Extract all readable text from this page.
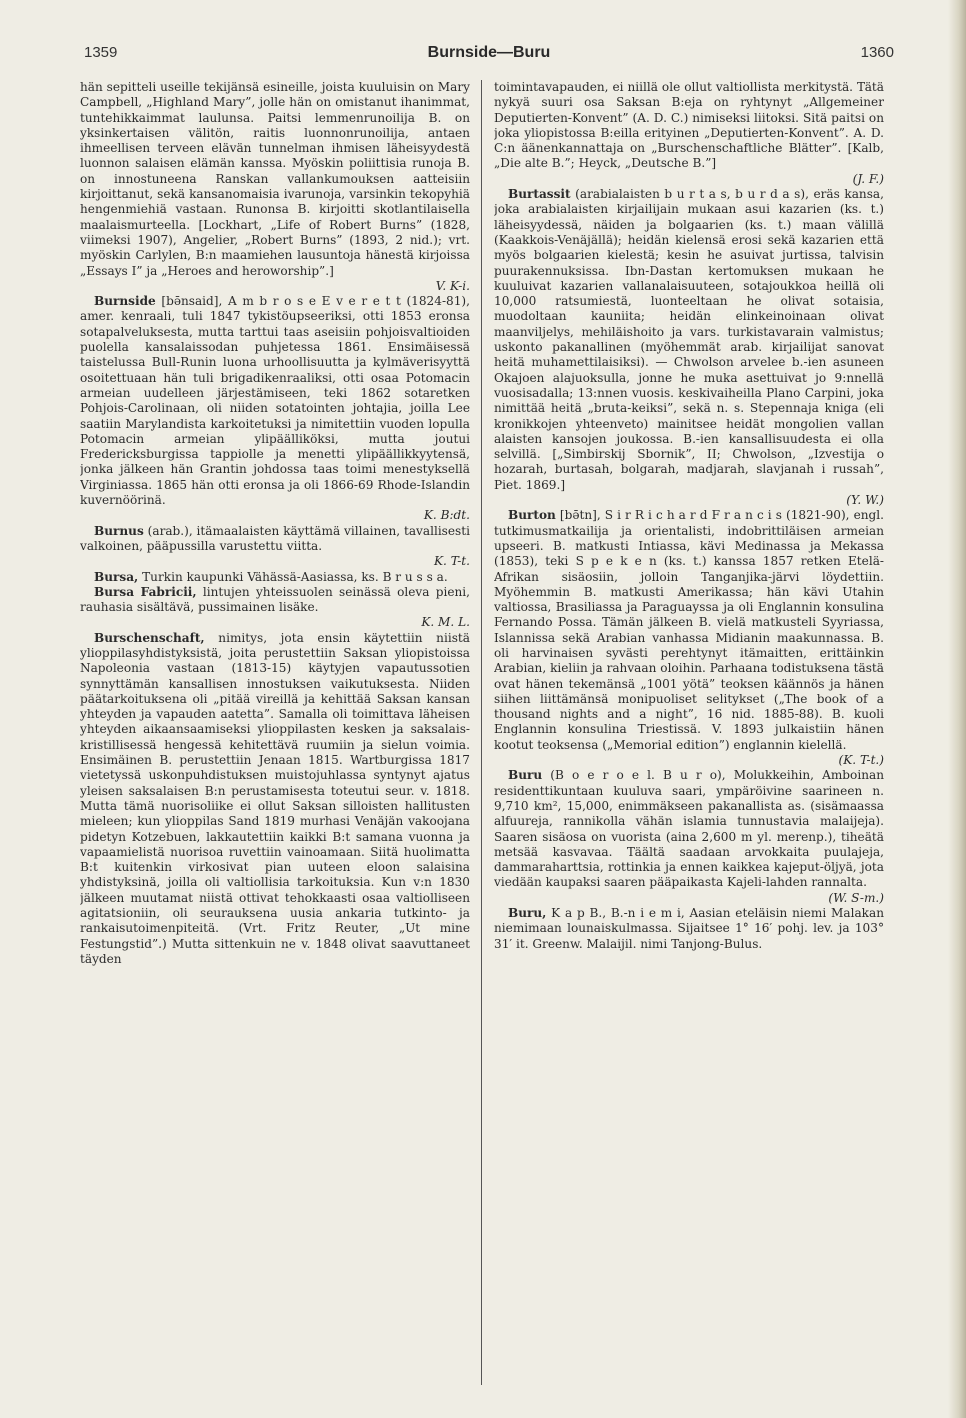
1359	Burnside—Buru	1360

hän sepitteli useille tekijänsä esineille, joista kuuluisin on Mary Campbell, „Highland Mary”, jolle hän on omistanut ihanimmat, tuntehikkaimmat laulunsa. Paitsi lemmenrunoilija B. on yksinkertaisen välitön, raitis luonnonrunoilija, antaen ihmeellisen terveen elävän tunnelman ihmisen läheisyydestä luonnon salaisen elämän kanssa. Myöskin poliittisia runoja B. on innostuneena Ranskan vallankumouksen aatteisiin kirjoittanut, sekä kansanomaisia ivarunoja, varsinkin tekopyhiä hengenmiehiä vastaan. Runonsa B. kirjoitti skotlantilaisella maalaismurteella. [Lockhart, „Life of Robert Burns” (1828, viimeksi 1907), Angelier, „Robert Burns” (1893, 2 nid.); vrt. myöskin Carlylen, B:n maamiehen lausuntoja hänestä kirjoissa „Essays I” ja „Heroes and heroworship”.]
V. K-i.

Burnside [bə̄nsaid], A m b r o s e E v e r e t t (1824-81), amer. kenraali, tuli 1847 tykistöupseeriksi, otti 1853 eronsa sotapalveluksesta, mutta tarttui taas aseisiin pohjoisvaltioiden puolella kansalaissodan puhjetessa 1861. Ensimäisessä taistelussa Bull-Runin luona urhoollisuutta ja kylmäverisyyttä osoitettuaan hän tuli brigadikenraaliksi, otti osaa Potomacin armeian uudelleen järjestämiseen, teki 1862 sotaretken Pohjois-Carolinaan, oli niiden sotatointen johtajia, joilla Lee saatiin Marylandista karkoitetuksi ja nimitettiin vuoden lopulla Potomacin armeian ylipäälliköksi, mutta joutui Fredericksburgissa tappiolle ja menetti ylipäällikkyytensä, jonka jälkeen hän Grantin johdossa taas toimi menestyksellä Virginiassa. 1865 hän otti eronsa ja oli 1866-69 Rhode-Islandin kuvernöörinä.
K. B:dt.

Burnus (arab.), itämaalaisten käyttämä villainen, tavallisesti valkoinen, pääpussilla varustettu viitta.
K. T-t.

Bursa, Turkin kaupunki Vähässä-Aasiassa, ks. B r u s s a.

Bursa Fabricii, lintujen yhteissuolen seinässä oleva pieni, rauhasia sisältävä, pussimainen lisäke.
K. M. L.

Burschenschaft, nimitys, jota ensin käytettiin niistä ylioppilasyhdistyksistä, joita perustettiin Saksan yliopistoissa Napoleonia vastaan (1813-15) käytyjen vapautussotien synnyttämän kansallisen innostuksen vaikutuksesta. Niiden päätarkoituksena oli „pitää vireillä ja kehittää Saksan kansan yhteyden ja vapauden aatetta”. Samalla oli toimittava läheisen yhteyden aikaansaamiseksi ylioppilasten kesken ja saksalais-kristillisessä hengessä kehitettävä ruumiin ja sielun voimia. Ensimäinen B. perustettiin Jenaan 1815. Wartburgissa 1817 vietetyssä uskonpuhdistuksen muistojuhlassa syntynyt ajatus yleisen saksalaisen B:n perustamisesta toteutui seur. v. 1818. Mutta tämä nuorisoliike ei ollut Saksan silloisten hallitusten mieleen; kun ylioppilas Sand 1819 murhasi Venäjän vakoojana pidetyn Kotzebuen, lakkautettiin kaikki B:t samana vuonna ja vapaamielistä nuorisoa ruvettiin vainoamaan. Siitä huolimatta B:t kuitenkin virkosivat pian uuteen eloon salaisina yhdistyksinä, joilla oli valtiollisia tarkoituksia. Kun v:n 1830 jälkeen muutamat niistä ottivat tehokkaasti osaa valtiolliseen agitatsioniin, oli seurauksena uusia ankaria tutkinto- ja rankaisutoimenpiteitä. (Vrt. Fritz Reuter, „Ut mine Festungstid”.) Mutta sittenkuin ne v. 1848 olivat saavuttaneet täyden

toimintavapauden, ei niillä ole ollut valtiollista merkitystä. Tätä nykyä suuri osa Saksan B:eja on ryhtynyt „Allgemeiner Deputierten-Konvent” (A. D. C.) nimiseksi liitoksi. Sitä paitsi on joka yliopistossa B:eilla erityinen „Deputierten-Konvent”. A. D. C:n äänenkannattaja on „Burschenschaftliche Blätter”. [Kalb, „Die alte B.”; Heyck, „Deutsche B.”]
(J. F.)

Burtassit (arabialaisten b u r t a s, b u r d a s), eräs kansa, joka arabialaisten kirjailijain mukaan asui kazarien (ks. t.) läheisyydessä, näiden ja bolgaarien (ks. t.) maan välillä (Kaakkois-Venäjällä); heidän kielensä erosi sekä kazarien että myös bolgaarien kielestä; kesin he asuivat jurtissa, talvisin puurakennuksissa. Ibn-Dastan kertomuksen mukaan he kuuluivat kazarien vallanalaisuuteen, sotajoukkoa heillä oli 10,000 ratsumiestä, luonteeltaan he olivat sotaisia, muodoltaan kauniita; heidän elinkeinoinaan olivat maanviljelys, mehiläishoito ja vars. turkistavarain valmistus; uskonto pakanallinen (myöhemmät arab. kirjailijat sanovat heitä muhamettilaisiksi). — Chwolson arvelee b.-ien asuneen Okajoen alajuoksulla, jonne he muka asettuivat jo 9:nnellä vuosisadalla; 13:nnen vuosis. keskivaiheilla Plano Carpini, joka nimittää heitä „bruta-keiksi”, sekä n. s. Stepennaja kniga (eli kronikkojen yhteenveto) mainitsee heidät mongolien vallan alaisten kansojen joukossa. B.-ien kansallisuudesta ei olla selvillä. [„Simbirskij Sbornik”, II; Chwolson, „Izvestija o hozarah, burtasah, bolgarah, madjarah, slavjanah i russah”, Piet. 1869.]
(Y. W.)

Burton [bə̄tn], S i r R i c h a r d F r a n c i s (1821-90), engl. tutkimusmatkailija ja orientalisti, indobrittiläisen armeian upseeri. B. matkusti Intiassa, kävi Medinassa ja Mekassa (1853), teki S p e k e n (ks. t.) kanssa 1857 retken Etelä-Afrikan sisäosiin, jolloin Tanganjika-järvi löydettiin. Myöhemmin B. matkusti Amerikassa; hän kävi Utahin valtiossa, Brasiliassa ja Paraguayssa ja oli Englannin konsulina Fernando Possa. Tämän jälkeen B. vielä matkusteli Syyriassa, Islannissa sekä Arabian vanhassa Midianin maakunnassa. B. oli harvinaisen syvästi perehtynyt itämaitten, erittäinkin Arabian, kieliin ja rahvaan oloihin. Parhaana todistuksena tästä ovat hänen tekemänsä „1001 yötä” teoksen käännös ja hänen siihen liittämänsä monipuoliset selitykset („The book of a thousand nights and a night”, 16 nid. 1885-88). B. kuoli Englannin konsulina Triestissä. V. 1893 julkaistiin hänen kootut teoksensa („Memorial edition”) englannin kielellä.
(K. T-t.)

Buru (B o e r o e l. B u r o), Molukkeihin, Amboinan residenttikuntaan kuuluva saari, ympäröivine saarineen n. 9,710 km², 15,000, enimmäkseen pakanallista as. (sisämaassa alfuureja, rannikolla vähän islamia tunnustavia malaijeja). Saaren sisäosa on vuorista (aina 2,600 m yl. merenp.), tiheätä metsää kasvavaa. Täältä saadaan arvokkaita puulajeja, dammaraharttsia, rottinkia ja ennen kaikkea kajeput-öljyä, jota viedään kaupaksi saaren pääpaikasta Kajeli-lahden rannalta.
(W. S-m.)

Buru, K a p B., B.-n i e m i, Aasian eteläisin niemi Malakan niemimaan lounaiskulmassa. Sijaitsee 1° 16′ pohj. lev. ja 103° 31′ it. Greenw. Malaijil. nimi Tanjong-Bulus.
